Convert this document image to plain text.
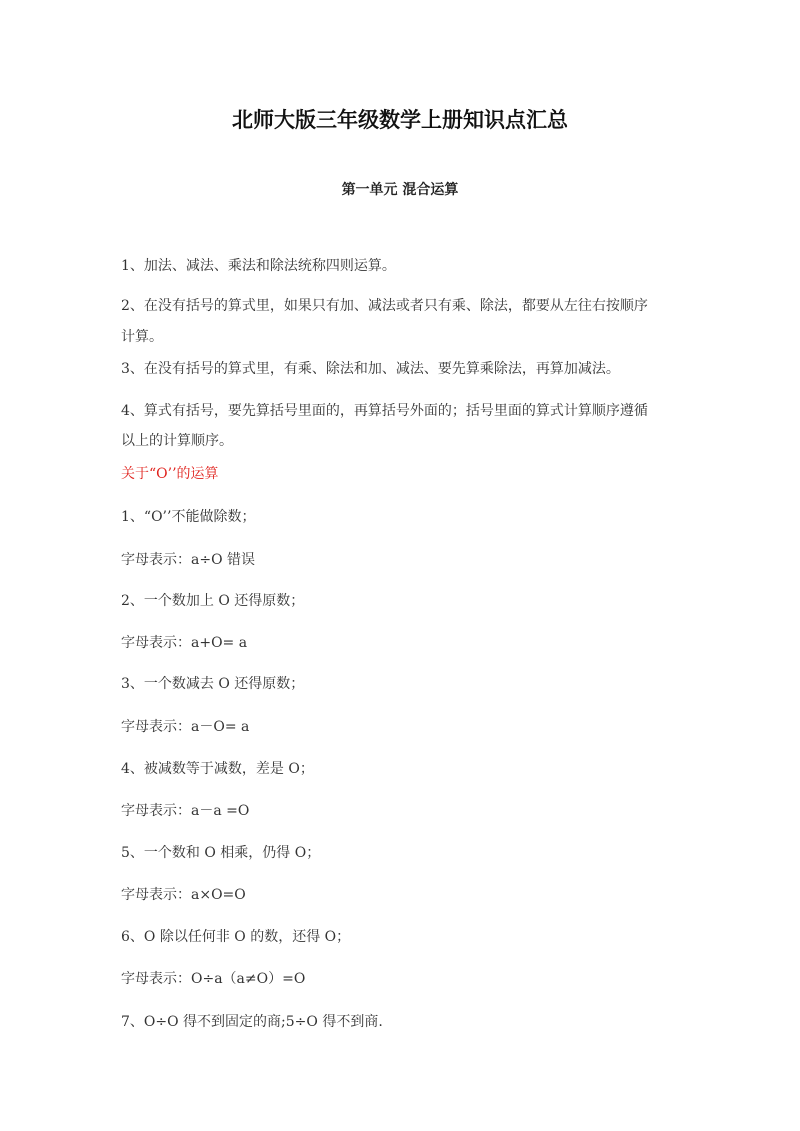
北师大版三年级数学上册知识点汇总
第一单元 混合运算

1、加法、减法、乘法和除法统称四则运算。

2、在没有括号的算式里，如果只有加、减法或者只有乘、除法，都要从左往右按顺序

计算。

3、在没有括号的算式里，有乘、除法和加、减法、要先算乘除法，再算加减法。

4、算式有括号，要先算括号里面的，再算括号外面的；括号里面的算式计算顺序遵循

以上的计算顺序。

关于“O’’的运算

1、“O’’不能做除数；

字母表示：a÷O 错误

2、一个数加上 O 还得原数；

字母表示：a+O= a

3、一个数减去 O 还得原数；

字母表示：a－O= a

4、被减数等于减数，差是 O；

字母表示：a－a =O

5、一个数和 O 相乘，仍得 O；

字母表示：a×O=O

6、O 除以任何非 O 的数，还得 O；

字母表示：O÷a（a≠O）=O

7、O÷O 得不到固定的商;5÷O 得不到商.
